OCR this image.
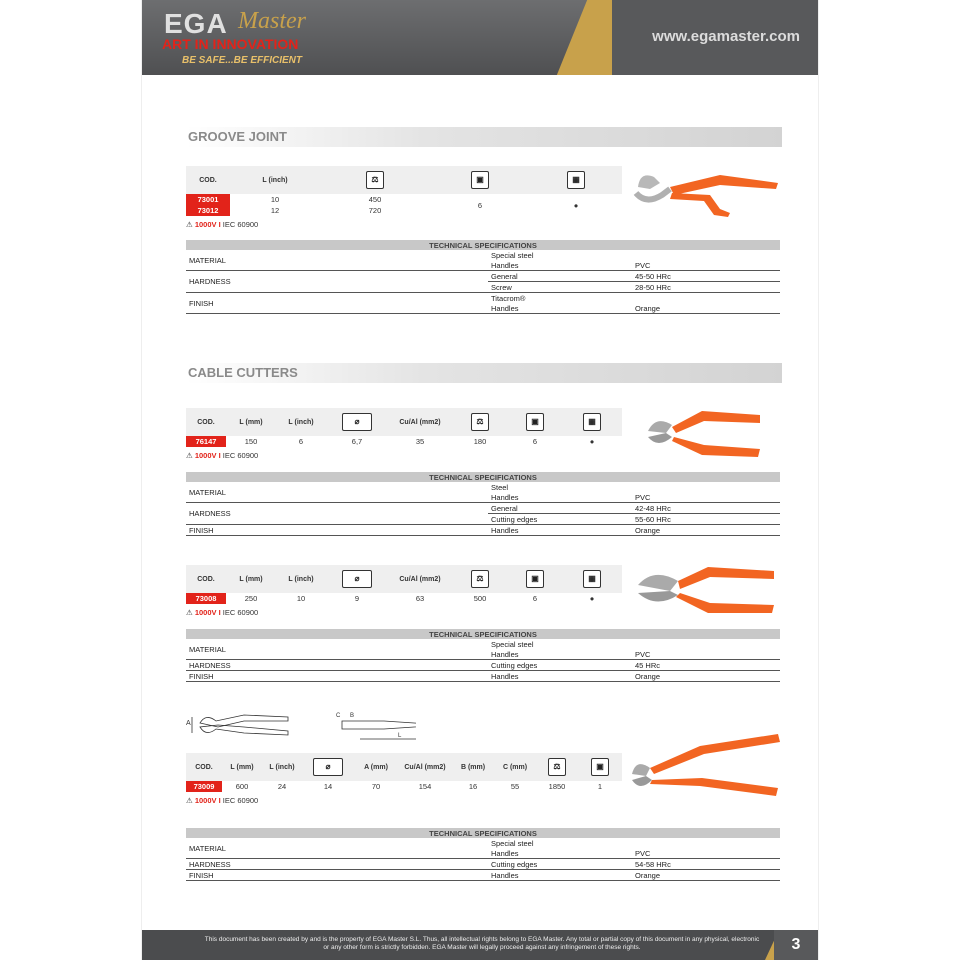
EGA Master
ART IN INNOVATION
BE SAFE...BE EFFICIENT
www.egamaster.com
GROOVE JOINT
COD.	L (inch)	⚖	▣	▦
73001	10	450	6	●
73012	12	720		
⚠ 1000V I IEC 60900
TECHNICAL SPECIFICATIONS		
MATERIAL	Special steel	
	Handles	PVC
HARDNESS	General	45-50 HRc
	Screw	28-50 HRc
FINISH	Titacrom®	
	Handles	Orange
CABLE CUTTERS
COD.	L (mm)	L (inch)	⌀	Cu/Al (mm2)	⚖	▣	▦
76147	150	6	6,7	35	180	6	●
⚠ 1000V I IEC 60900
TECHNICAL SPECIFICATIONS		
MATERIAL	Steel	
	Handles	PVC
HARDNESS	General	42-48 HRc
	Cutting edges	55-60 HRc
FINISH	Handles	Orange
COD.	L (mm)	L (inch)	⌀	Cu/Al (mm2)	⚖	▣	▦
73008	250	10	9	63	500	6	●
⚠ 1000V I IEC 60900
TECHNICAL SPECIFICATIONS		
MATERIAL	Special steel	
	Handles	PVC
HARDNESS	Cutting edges	45 HRc
FINISH	Handles	Orange
A
C B
L
COD.	L (mm)	L (inch)	⌀	A (mm)	Cu/Al (mm2)	B (mm)	C (mm)	⚖	▣
73009	600	24	14	70	154	16	55	1850	1
⚠ 1000V I IEC 60900
TECHNICAL SPECIFICATIONS		
MATERIAL	Special steel	
	Handles	PVC
HARDNESS	Cutting edges	54-58 HRc
FINISH	Handles	Orange
This document has been created by and is the property of EGA Master S.L. Thus, all intellectual rights belong to EGA Master. Any total or partial copy of this document in any physical, electronic or any other form is strictly forbidden. EGA Master will legally proceed against any infringement of these rights.	3
